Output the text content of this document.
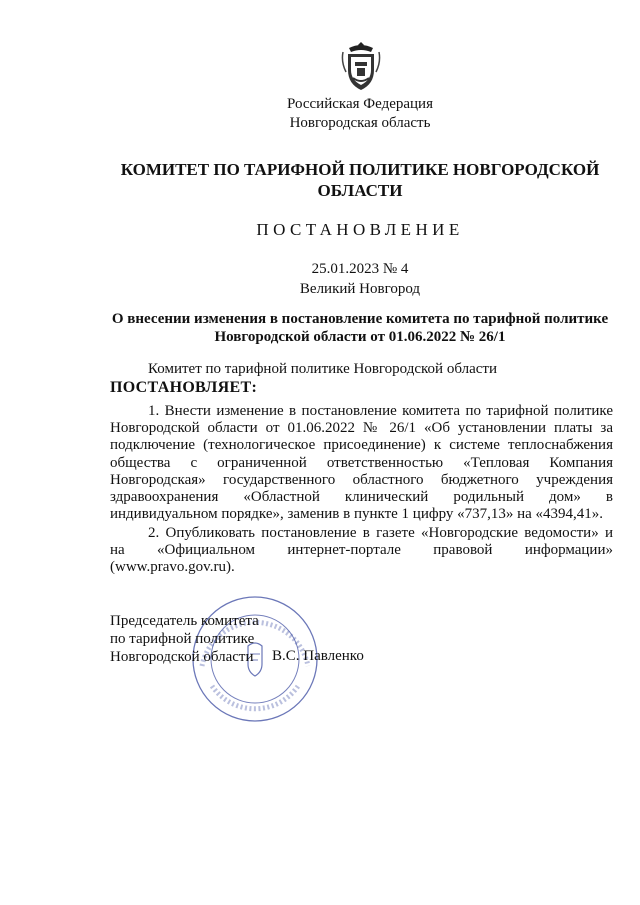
Российская Федерация
Новгородская область
КОМИТЕТ ПО ТАРИФНОЙ ПОЛИТИКЕ НОВГОРОДСКОЙ
ОБЛАСТИ
ПОСТАНОВЛЕНИЕ
25.01.2023 № 4
Великий Новгород
О внесении изменения в постановление комитета по тарифной политике
Новгородской области от 01.06.2022 № 26/1
Комитет по тарифной политике Новгородской области
ПОСТАНОВЛЯЕТ:
1. Внести изменение в постановление комитета по тарифной политике Новгородской области от 01.06.2022 № 26/1 «Об установлении платы за подключение (технологическое присоединение) к системе теплоснабжения общества с ограниченной ответственностью «Тепловая Компания Новгородская» государственного областного бюджетного учреждения здравоохранения «Областной клинический родильный дом» в индивидуальном порядке», заменив в пункте 1 цифру «737,13» на «4394,41».
2. Опубликовать постановление в газете «Новгородские ведомости» и на «Официальном интернет-портале правовой информации» (www.pravo.gov.ru).
Председатель комитета
по тарифной политике
Новгородской области	В.С. Павленко
